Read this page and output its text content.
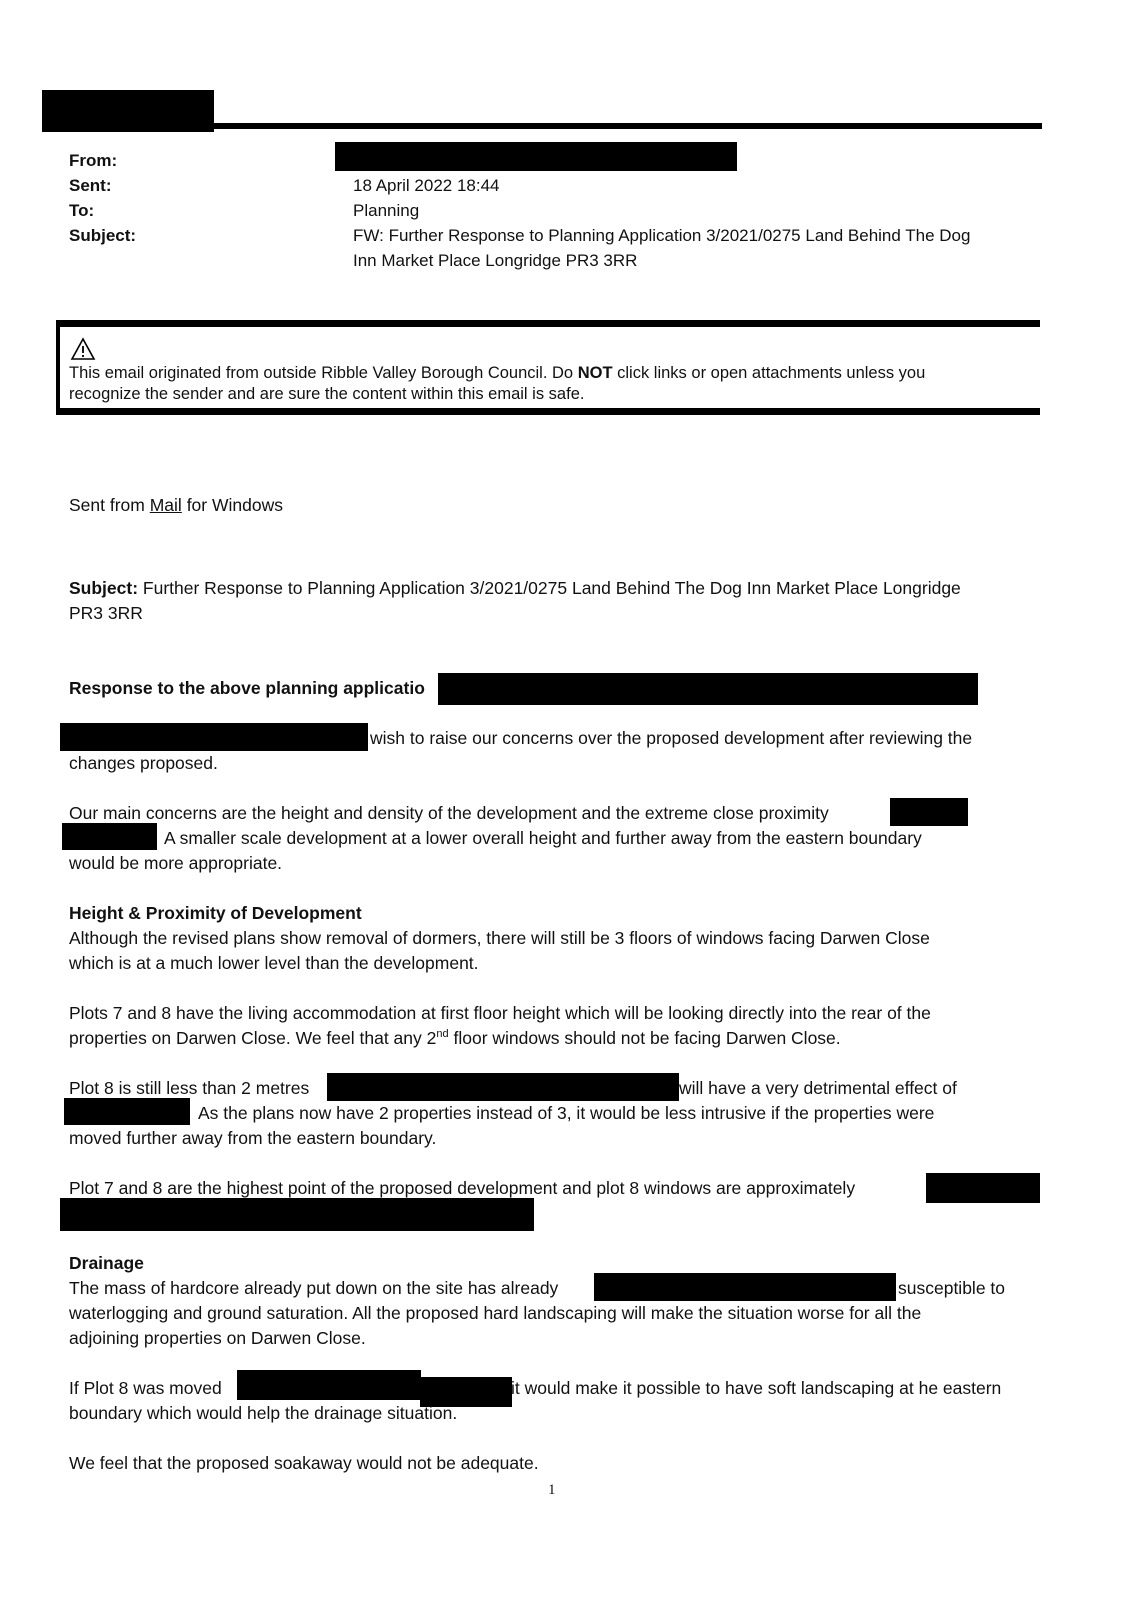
From:
Sent:	18 April 2022 18:44
To:	Planning
Subject:	FW: Further Response to Planning Application 3/2021/0275 Land Behind The Dog
Inn Market Place Longridge PR3 3RR
This email originated from outside Ribble Valley Borough Council. Do NOT click links or open attachments unless you
recognize the sender and are sure the content within this email is safe.
Sent from Mail for Windows
Subject: Further Response to Planning Application 3/2021/0275 Land Behind The Dog Inn Market Place Longridge
PR3 3RR
Response to the above planning applicatio
wish to raise our concerns over the proposed development after reviewing the
changes proposed.
Our main concerns are the height and density of the development and the extreme close proximity
A smaller scale development at a lower overall height and further away from the eastern boundary
would be more appropriate.
Height & Proximity of Development
Although the revised plans show removal of dormers, there will still be 3 floors of windows facing Darwen Close
which is at a much lower level than the development.
Plots 7 and 8 have the living accommodation at first floor height which will be looking directly into the rear of the
properties on Darwen Close. We feel that any 2nd floor windows should not be facing Darwen Close.
Plot 8 is still less than 2 metres	will have a very detrimental effect of
As the plans now have 2 properties instead of 3, it would be less intrusive if the properties were
moved further away from the eastern boundary.
Plot 7 and 8 are the highest point of the proposed development and plot 8 windows are approximately
Drainage
The mass of hardcore already put down on the site has already	susceptible to
waterlogging and ground saturation. All the proposed hard landscaping will make the situation worse for all the
adjoining properties on Darwen Close.
If Plot 8 was moved	it would make it possible to have soft landscaping at he eastern
boundary which would help the drainage situation.
We feel that the proposed soakaway would not be adequate.
1
